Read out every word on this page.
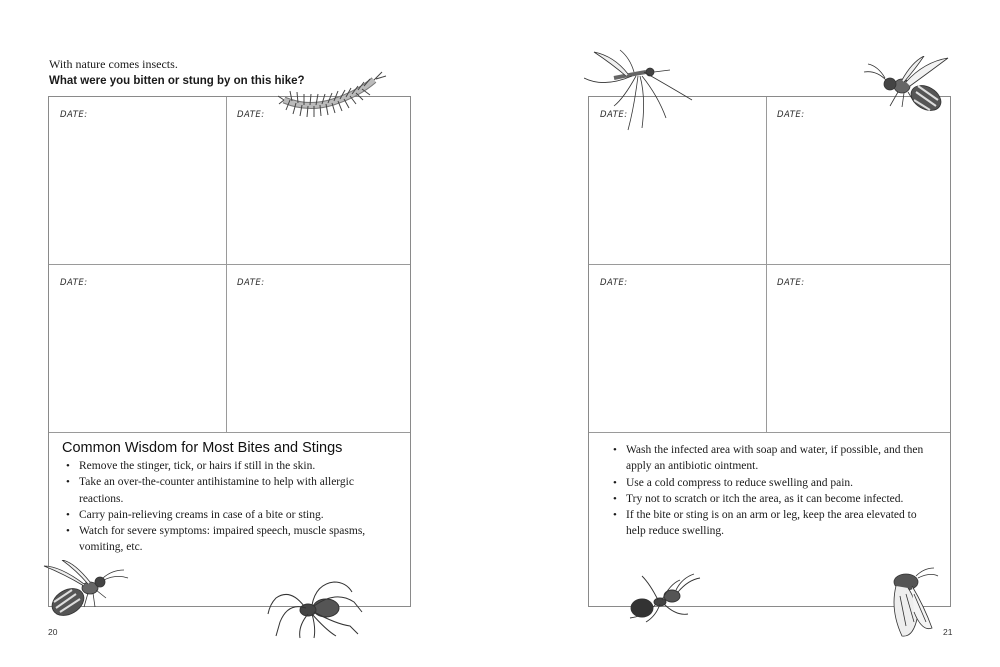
With nature comes insects.
What were you bitten or stung by on this hike?
DATE:	DATE:
DATE:	DATE:
Common Wisdom for Most Bites and Stings
• Remove the stinger, tick, or hairs if still in the skin.
• Take an over-the-counter antihistamine to help with allergic reactions.
• Carry pain-relieving creams in case of a bite or sting.
• Watch for severe symptoms: impaired speech, muscle spasms, vomiting, etc.
20
DATE:	DATE:
DATE:	DATE:
• Wash the infected area with soap and water, if possible, and then apply an antibiotic ointment.
• Use a cold compress to reduce swelling and pain.
• Try not to scratch or itch the area, as it can become infected.
• If the bite or sting is on an arm or leg, keep the area elevated to help reduce swelling.
21
